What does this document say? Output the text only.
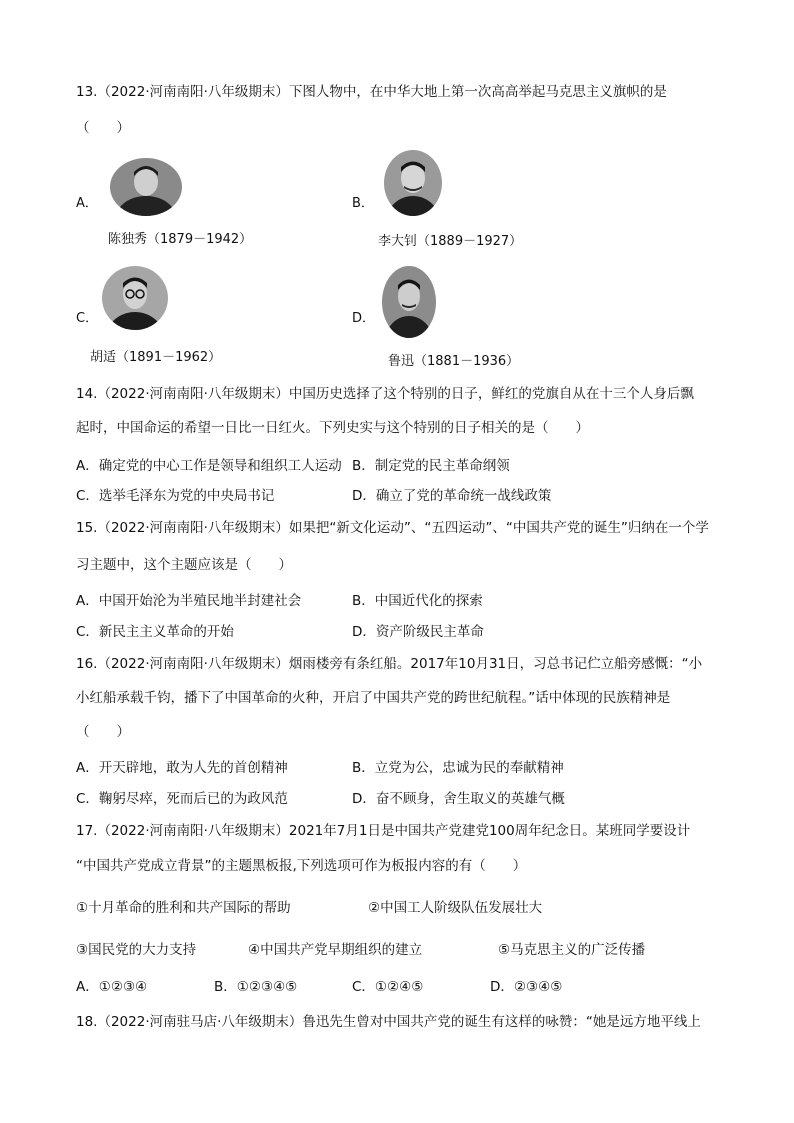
13.（2022·河南南阳·八年级期末）下图人物中，在中华大地上第一次高高举起马克思主义旗帜的是
（　　）
A．
陈独秀（1879－1942）
B．
李大钊（1889－1927）
C．
胡适（1891－1962）
D．
鲁迅（1881－1936）
14.（2022·河南南阳·八年级期末）中国历史选择了这个特别的日子，鲜红的党旗自从在十三个人身后飘
起时，中国命运的希望一日比一日红火。下列史实与这个特别的日子相关的是（　　）
A．确定党的中心工作是领导和组织工人运动 B．制定党的民主革命纲领
C．选举毛泽东为党的中央局书记	D．确立了党的革命统一战线政策
15.（2022·河南南阳·八年级期末）如果把“新文化运动”、“五四运动”、“中国共产党的诞生”归纳在一个学
习主题中，这个主题应该是（　　）
A．中国开始沦为半殖民地半封建社会	B．中国近代化的探索
C．新民主主义革命的开始	D．资产阶级民主革命
16.（2022·河南南阳·八年级期末）烟雨楼旁有条红船。2017年10月31日，习总书记伫立船旁感慨：“小
小红船承载千钧，播下了中国革命的火种，开启了中国共产党的跨世纪航程。”话中体现的民族精神是
（　　）
A．开天辟地，敢为人先的首创精神	B．立党为公，忠诚为民的奉献精神
C．鞠躬尽瘁，死而后已的为政风范	D．奋不顾身，舍生取义的英雄气概
17.（2022·河南南阳·八年级期末）2021年7月1日是中国共产党建党100周年纪念日。某班同学要设计
“中国共产党成立背景”的主题黑板报,下列选项可作为板报内容的有（　　）
①十月革命的胜利和共产国际的帮助	②中国工人阶级队伍发展壮大
③国民党的大力支持	④中国共产党早期组织的建立	⑤马克思主义的广泛传播
A．①②③④	B．①②③④⑤	C．①②④⑤	D．②③④⑤
18.（2022·河南驻马店·八年级期末）鲁迅先生曾对中国共产党的诞生有这样的咏赞：“她是远方地平线上
